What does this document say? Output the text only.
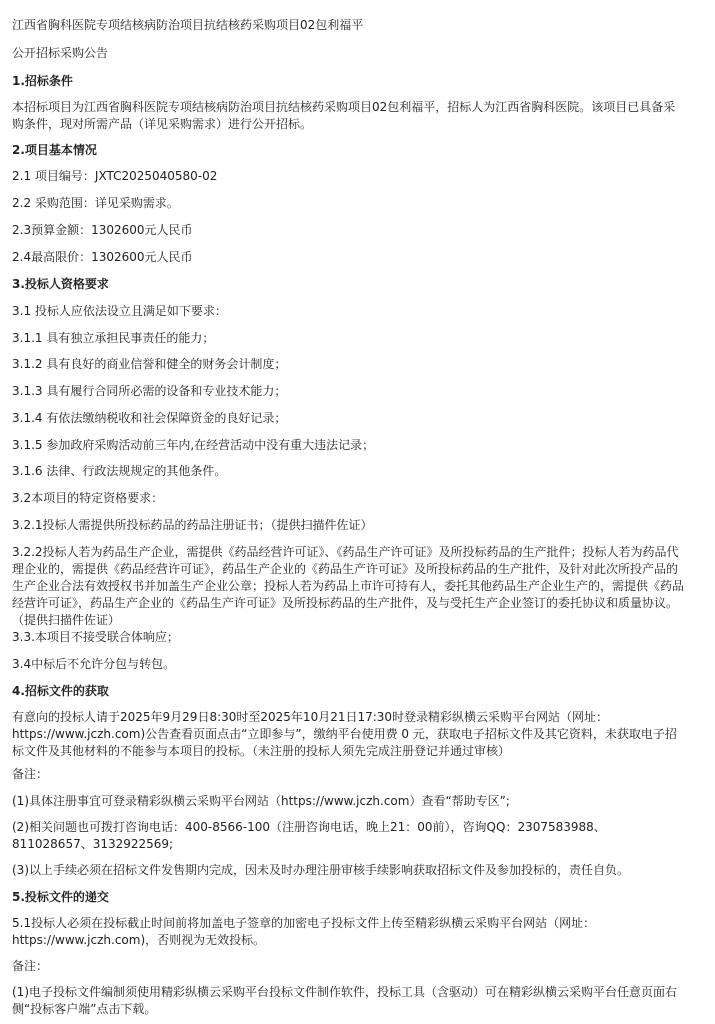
江西省胸科医院专项结核病防治项目抗结核药采购项目02包利福平
公开招标采购公告
1.招标条件
本招标项目为江西省胸科医院专项结核病防治项目抗结核药采购项目02包利福平，招标人为江西省胸科医院。该项目已具备采购条件，现对所需产品（详见采购需求）进行公开招标。
2.项目基本情况
2.1 项目编号：JXTC2025040580-02
2.2 采购范围：详见采购需求。
2.3预算金额：1302600元人民币
2.4最高限价：1302600元人民币
3.投标人资格要求
3.1 投标人应依法设立且满足如下要求：
3.1.1 具有独立承担民事责任的能力；
3.1.2 具有良好的商业信誉和健全的财务会计制度；
3.1.3 具有履行合同所必需的设备和专业技术能力；
3.1.4 有依法缴纳税收和社会保障资金的良好记录；
3.1.5 参加政府采购活动前三年内,在经营活动中没有重大违法记录；
3.1.6 法律、行政法规规定的其他条件。
3.2本项目的特定资格要求：
3.2.1投标人需提供所投标药品的药品注册证书；（提供扫描件佐证）
3.2.2投标人若为药品生产企业，需提供《药品经营许可证》、《药品生产许可证》及所投标药品的生产批件；投标人若为药品代理企业的，需提供《药品经营许可证》，药品生产企业的《药品生产许可证》及所投标药品的生产批件，及针对此次所投产品的生产企业合法有效授权书并加盖生产企业公章；投标人若为药品上市许可持有人，委托其他药品生产企业生产的，需提供《药品经营许可证》，药品生产企业的《药品生产许可证》及所投标药品的生产批件，及与受托生产企业签订的委托协议和质量协议。（提供扫描件佐证）
3.3.本项目不接受联合体响应；
3.4中标后不允许分包与转包。
4.招标文件的获取
有意向的投标人请于2025年9月29日8:30时至2025年10月21日17:30时登录精彩纵横云采购平台网站（网址：https://www.jczh.com)公告查看页面点击“立即参与”，缴纳平台使用费 0 元，获取电子招标文件及其它资料，未获取电子招标文件及其他材料的不能参与本项目的投标。（未注册的投标人须先完成注册登记并通过审核）
备注：
(1)具体注册事宜可登录精彩纵横云采购平台网站（https://www.jczh.com）查看“帮助专区”;
(2)相关问题也可拨打咨询电话：400-8566-100（注册咨询电话，晚上21：00前），咨询QQ：2307583988、811028657、3132922569;
(3)以上手续必须在招标文件发售期内完成，因未及时办理注册审核手续影响获取招标文件及参加投标的，责任自负。
5.投标文件的递交
5.1投标人必须在投标截止时间前将加盖电子签章的加密电子投标文件上传至精彩纵横云采购平台网站（网址：https://www.jczh.com)，否则视为无效投标。
备注：
(1)电子投标文件编制须使用精彩纵横云采购平台投标文件制作软件，投标工具（含驱动）可在精彩纵横云采购平台任意页面右侧“投标客户端”点击下载。
